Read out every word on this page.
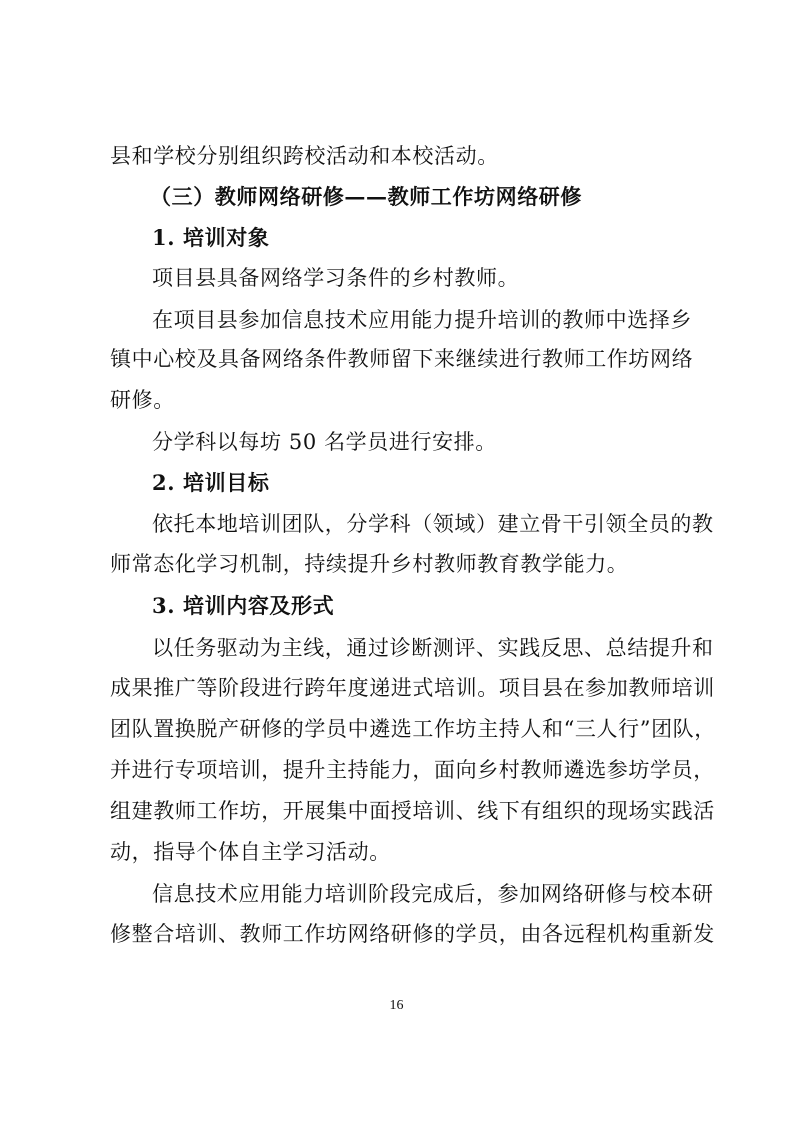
县和学校分别组织跨校活动和本校活动。
（三）教师网络研修——教师工作坊网络研修
1. 培训对象
项目县具备网络学习条件的乡村教师。
在项目县参加信息技术应用能力提升培训的教师中选择乡
镇中心校及具备网络条件教师留下来继续进行教师工作坊网络
研修。
分学科以每坊 50 名学员进行安排。
2. 培训目标
依托本地培训团队，分学科（领域）建立骨干引领全员的教
师常态化学习机制，持续提升乡村教师教育教学能力。
3. 培训内容及形式
以任务驱动为主线，通过诊断测评、实践反思、总结提升和
成果推广等阶段进行跨年度递进式培训。项目县在参加教师培训
团队置换脱产研修的学员中遴选工作坊主持人和“三人行”团队，
并进行专项培训，提升主持能力，面向乡村教师遴选参坊学员，
组建教师工作坊，开展集中面授培训、线下有组织的现场实践活
动，指导个体自主学习活动。
信息技术应用能力培训阶段完成后，参加网络研修与校本研
修整合培训、教师工作坊网络研修的学员，由各远程机构重新发
16
